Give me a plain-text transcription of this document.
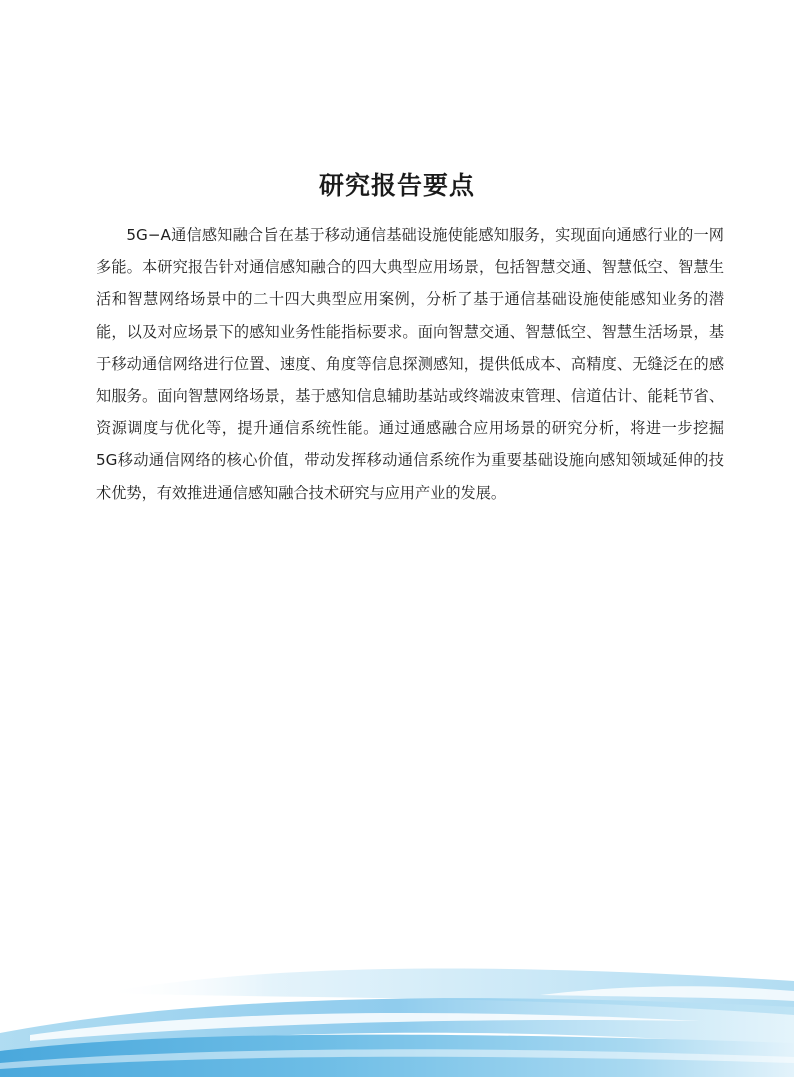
研究报告要点

5G−A通信感知融合旨在基于移动通信基础设施使能感知服务，实现面向通感行业的一网多能。本研究报告针对通信感知融合的四大典型应用场景，包括智慧交通、智慧低空、智慧生活和智慧网络场景中的二十四大典型应用案例，分析了基于通信基础设施使能感知业务的潜能，以及对应场景下的感知业务性能指标要求。面向智慧交通、智慧低空、智慧生活场景，基于移动通信网络进行位置、速度、角度等信息探测感知，提供低成本、高精度、无缝泛在的感知服务。面向智慧网络场景，基于感知信息辅助基站或终端波束管理、信道估计、能耗节省、资源调度与优化等，提升通信系统性能。通过通感融合应用场景的研究分析，将进一步挖掘5G移动通信网络的核心价值，带动发挥移动通信系统作为重要基础设施向感知领域延伸的技术优势，有效推进通信感知融合技术研究与应用产业的发展。
